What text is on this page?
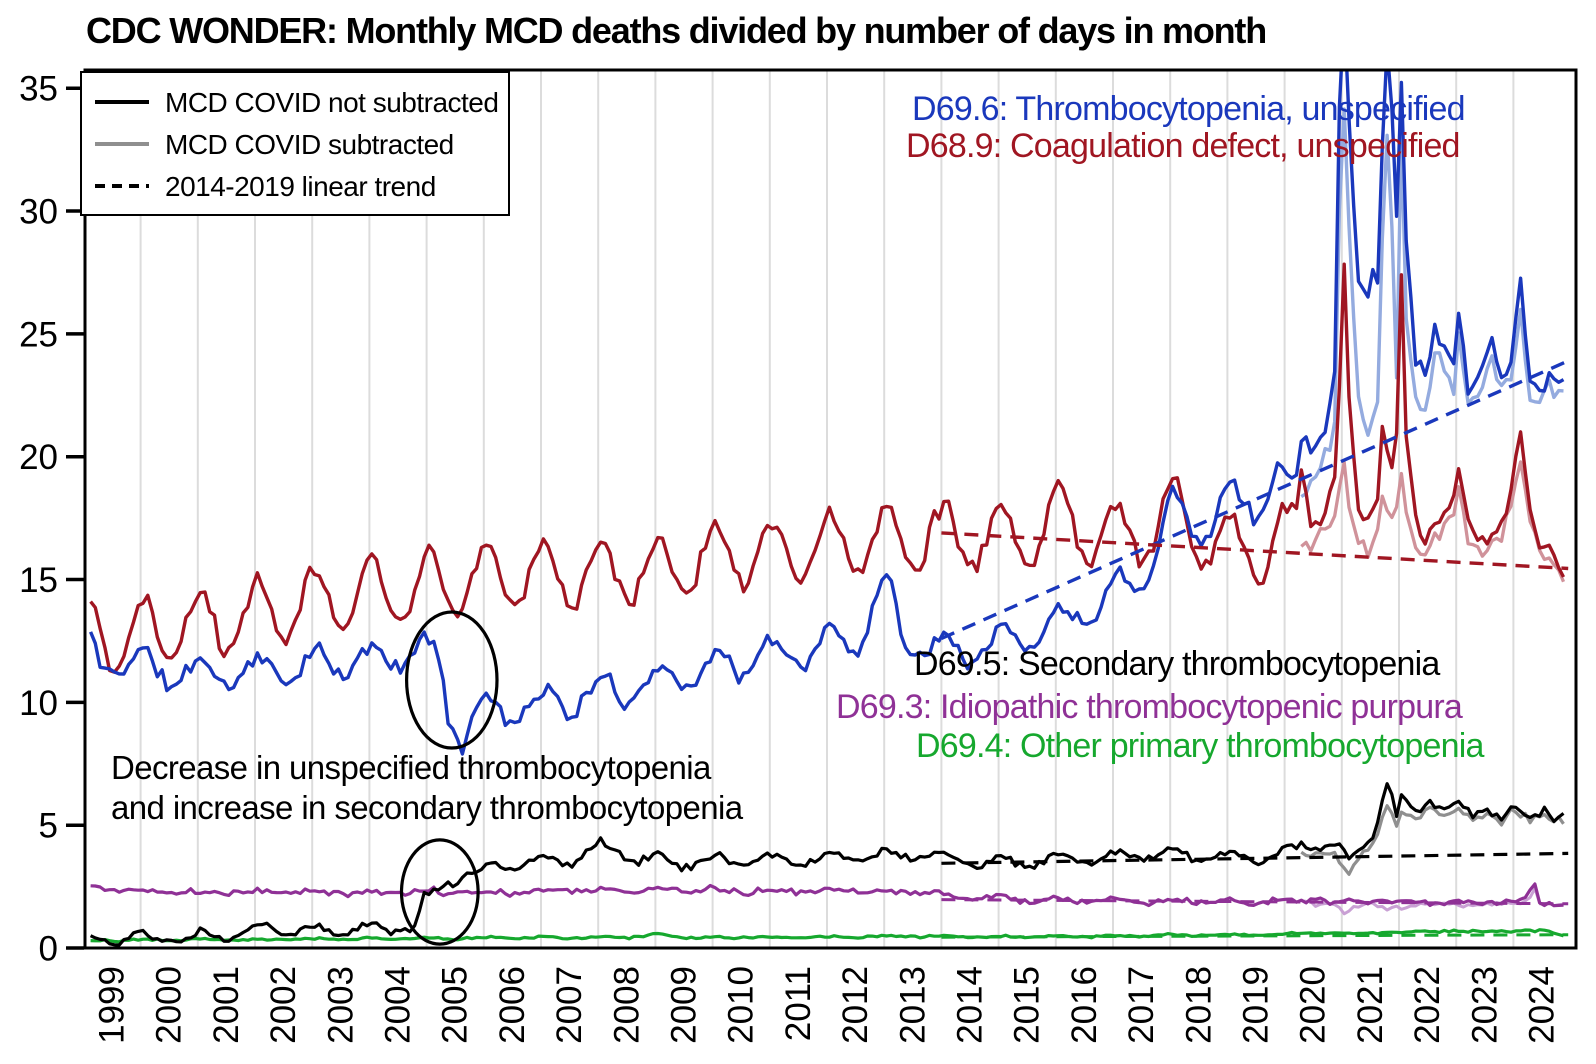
0
5
10
15
20
25
30
35
1999 2000 2001 2002 2003 2004 2005 2006 2007 2008 2009 2010 2011 2012 2013 2014 2015 2016 2017 2018 2019 2020 2021 2022 2023 2024
CDC WONDER: Monthly MCD deaths divided by number of days in month
MCD COVID not subtracted
MCD COVID subtracted
2014-2019 linear trend
D69.6: Thrombocytopenia, unspecified
D68.9: Coagulation defect, unspecified
D69.5: Secondary thrombocytopenia
D69.3: Idiopathic thrombocytopenic purpura
D69.4: Other primary thrombocytopenia
Decrease in unspecified thrombocytopenia
and increase in secondary thrombocytopenia
